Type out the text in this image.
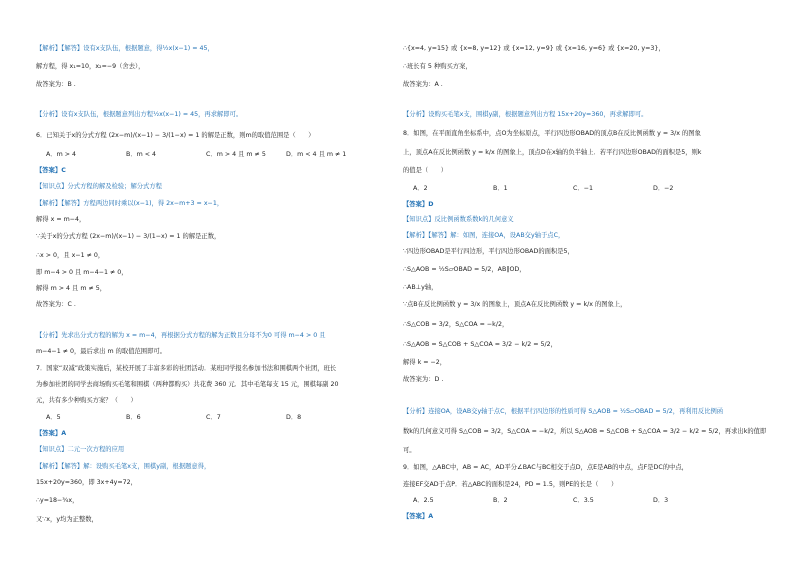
【解析】【解答】设有x支队伍，根据题意，得½x(x−1) = 45，
解方程，得 x₁=10，x₂=−9（舍去），
故答案为：B .
【分析】设有x支队伍，根据题意列出方程½x(x−1) = 45，再求解即可。
6．已知关于x的分式方程 (2x−m)/(x−1) − 3/(1−x) = 1 的解是正数，则m的取值范围是（　　）
A．m > 4	B．m < 4	C．m > 4 且 m ≠ 5	D．m < 4 且 m ≠ 1
【答案】C
【知识点】分式方程的解及检验；解分式方程
【解析】【解答】方程两边同时乘以(x−1)，得 2x−m+3 = x−1，
解得 x = m−4，
∵关于x的分式方程 (2x−m)/(x−1) − 3/(1−x) = 1 的解是正数，
∴x > 0，且 x−1 ≠ 0，
即 m−4 > 0 且 m−4−1 ≠ 0，
解得 m > 4 且 m ≠ 5，
故答案为：C .
【分析】先求出分式方程的解为 x = m−4，再根据分式方程的解为正数且分母不为0 可得 m−4 > 0 且
m−4−1 ≠ 0，最后求出 m 的取值范围即可。
7．国家“双减”政策实施后，某校开展了丰富多彩的社团活动．某班同学报名参加书法和围棋两个社团，班长
为参加社团的同学去商场购买毛笔和围棋（两种都购买）共花费 360 元．其中毛笔每支 15 元，围棋每副 20
元，共有多少种购买方案？（　　）
A．5	B．6	C．7	D．8
【答案】A
【知识点】二元一次方程的应用
【解析】【解答】解：设购买毛笔x支，围棋y副，根据题意得，
15x+20y=360，即 3x+4y=72，
∴y=18−¾x，
又∵x，y均为正整数，
∴{x=4, y=15} 或 {x=8, y=12} 或 {x=12, y=9} 或 {x=16, y=6} 或 {x=20, y=3}，
∴班长有 5 种购买方案，
故答案为：A .
【分析】设购买毛笔x支，围棋y副，根据题意列出方程 15x+20y=360，再求解即可。
8．如图，在平面直角坐标系中，点O为坐标原点，平行四边形OBAD的顶点B在反比例函数 y = 3/x 的图象
上，顶点A在反比例函数 y = k/x 的图象上，顶点D在x轴的负半轴上．若平行四边形OBAD的面积是5，则k
的值是（　　）
A．2	B．1	C．−1	D．−2
【答案】D
【知识点】反比例函数系数k的几何意义
【解析】【解答】解：如图，连接OA，设AB交y轴于点C，
∵四边形OBAD是平行四边形，平行四边形OBAD的面积是5，
∴S△AOB = ½S▱OBAD = 5/2，AB∥OD，
∴AB⊥y轴，
∵点B在反比例函数 y = 3/x 的图象上，顶点A在反比例函数 y = k/x 的图象上，
∴S△COB = 3/2，S△COA = −k/2，
∴S△AOB = S△COB + S△COA = 3/2 − k/2 = 5/2，
解得 k = −2，
故答案为：D .
【分析】连接OA，设AB交y轴于点C，根据平行四边形的性质可得 S△AOB = ½S▱OBAD = 5/2，再利用反比例函
数k的几何意义可得 S△COB = 3/2，S△COA = −k/2，所以 S△AOB = S△COB + S△COA = 3/2 − k/2 = 5/2，再求出k的值即
可。
9．如图，△ABC中，AB = AC，AD平分∠BAC与BC相交于点D，点E是AB的中点，点F是DC的中点，
连接EF交AD于点P．若△ABC的面积是24，PD = 1.5，则PE的长是（　　）
A．2.5	B．2	C．3.5	D．3
【答案】A
